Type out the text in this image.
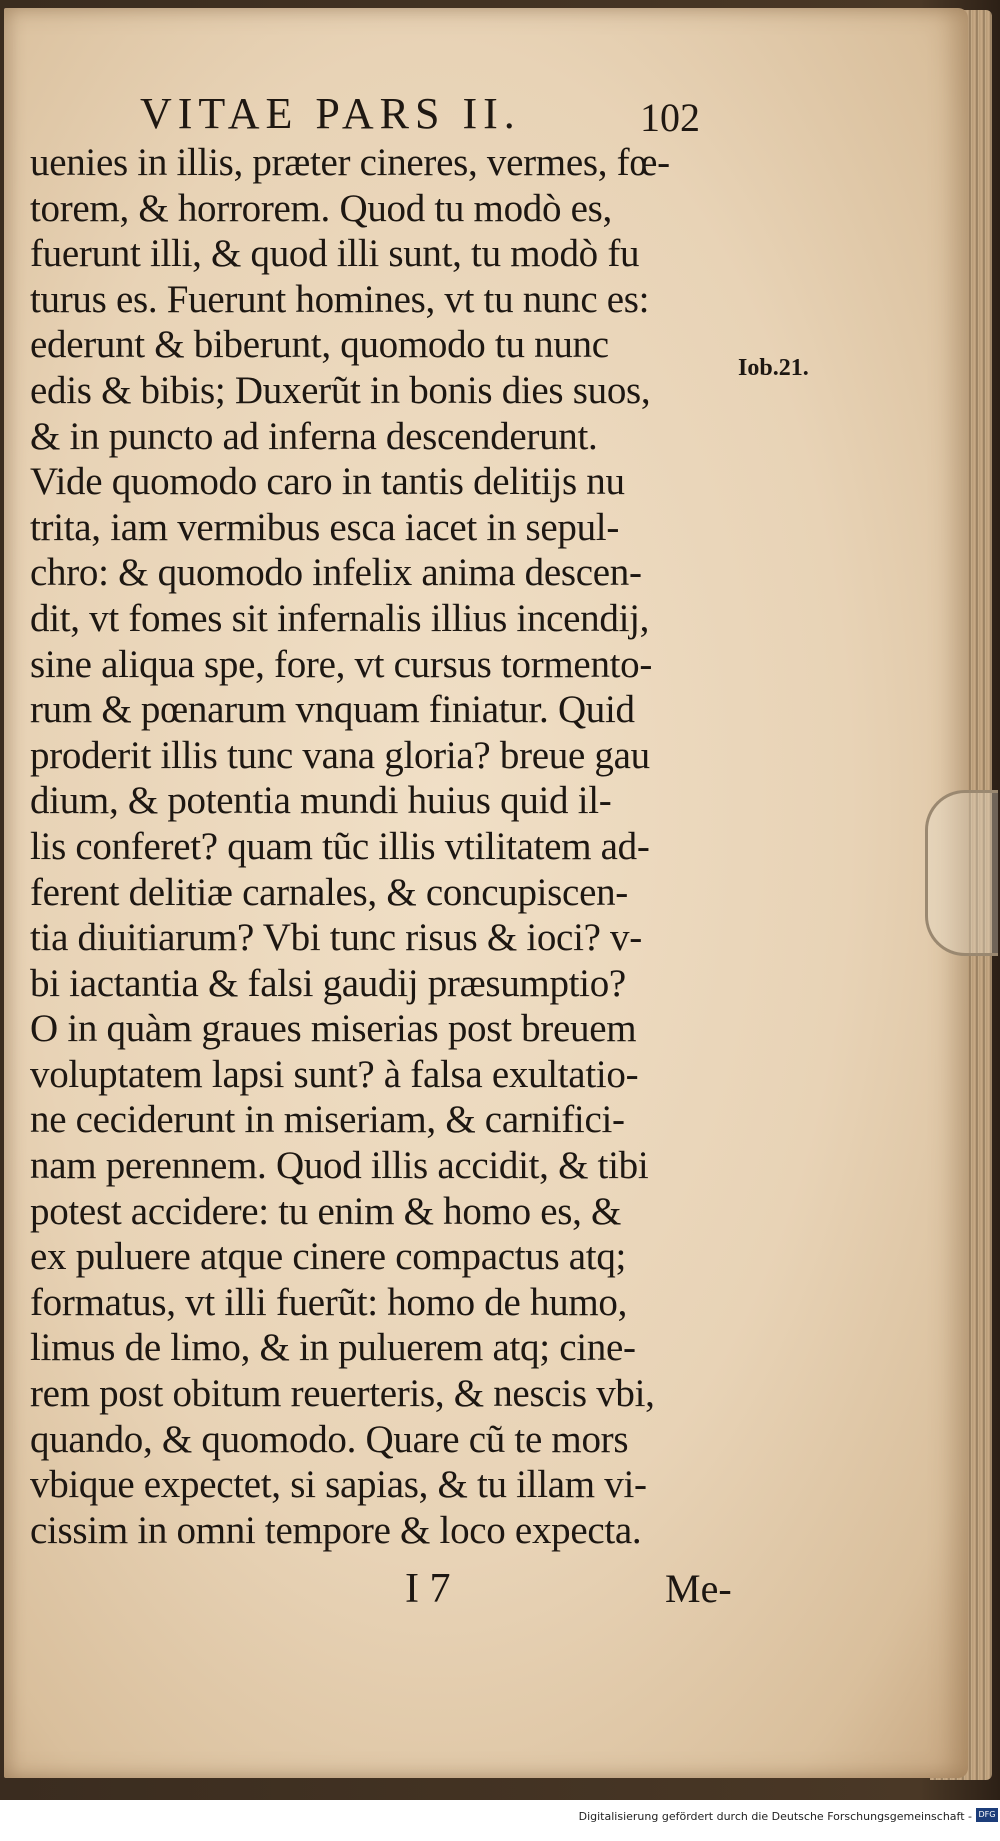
VITAE PARS II.	102
Iob.21.
uenies in illis, præter cineres, vermes, fœ-
torem, & horrorem. Quod tu modò es,
fuerunt illi, & quod illi sunt, tu modò fu
turus es. Fuerunt homines, vt tu nunc es:
ederunt & biberunt, quomodo tu nunc
edis & bibis; Duxerũt in bonis dies suos,
& in puncto ad inferna descenderunt.
Vide quomodo caro in tantis delitijs nu
trita, iam vermibus esca iacet in sepul-
chro: & quomodo infelix anima descen-
dit, vt fomes sit infernalis illius incendij,
sine aliqua spe, fore, vt cursus tormento-
rum & pœnarum vnquam finiatur. Quid
proderit illis tunc vana gloria? breue gau
dium, & potentia mundi huius quid il-
lis conferet? quam tũc illis vtilitatem ad-
ferent delitiæ carnales, & concupiscen-
tia diuitiarum? Vbi tunc risus & ioci? v-
bi iactantia & falsi gaudij præsumptio?
O in quàm graues miserias post breuem
voluptatem lapsi sunt? à falsa exultatio-
ne ceciderunt in miseriam, & carnifici-
nam perennem. Quod illis accidit, & tibi
potest accidere: tu enim & homo es, &
ex puluere atque cinere compactus atq;
formatus, vt illi fuerũt: homo de humo,
limus de limo, & in puluerem atq; cine-
rem post obitum reuerteris, & nescis vbi,
quando, & quomodo. Quare cũ te mors
vbique expectet, si sapias, & tu illam vi-
cissim in omni tempore & loco expecta.
I 7	Me-
Digitalisierung gefördert durch die Deutsche Forschungsgemeinschaft - DFG
